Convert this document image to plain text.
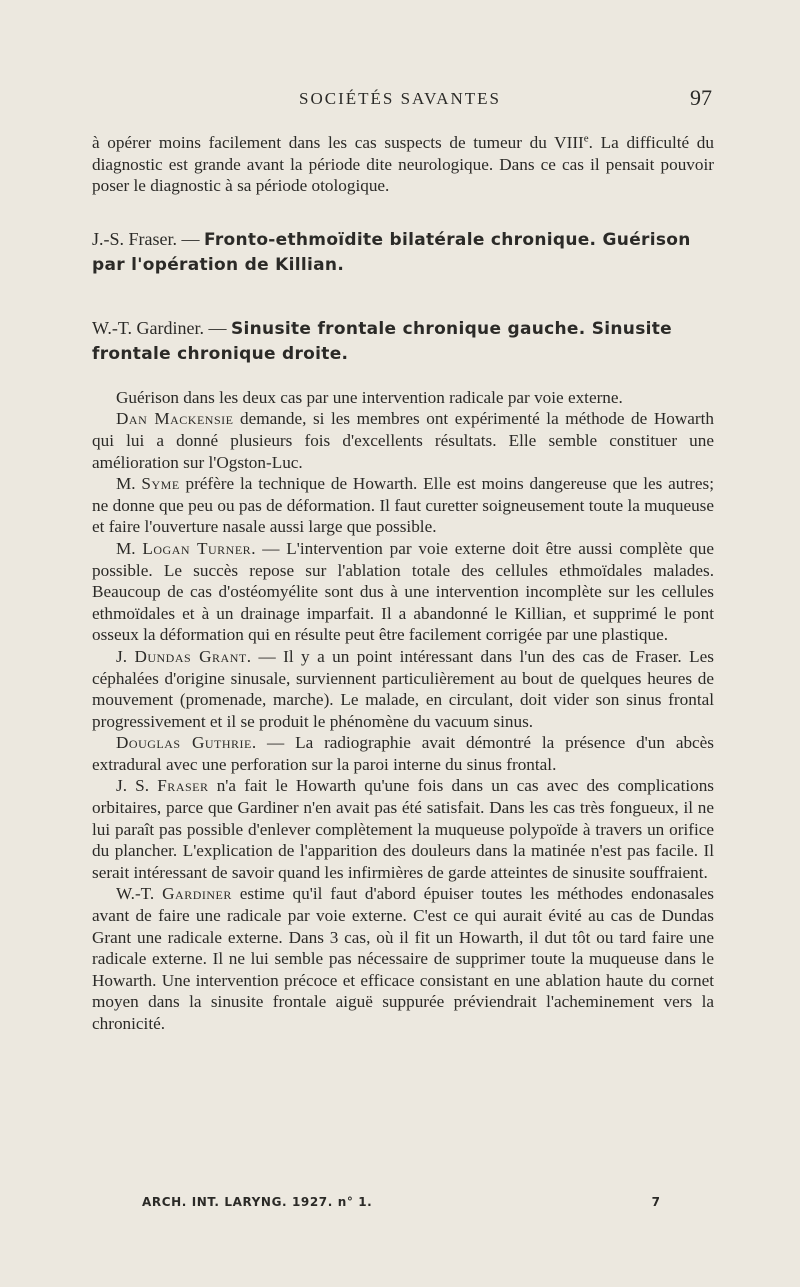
SOCIÉTÉS SAVANTES	97

à opérer moins facilement dans les cas suspects de tumeur du VIIIe. La difficulté du diagnostic est grande avant la période dite neurologique. Dans ce cas il pensait pouvoir poser le diagnostic à sa période otologique.

J.-S. Fraser. — Fronto-ethmoïdite bilatérale chronique. Guérison par l'opération de Killian.

W.-T. Gardiner. — Sinusite frontale chronique gauche. Sinusite frontale chronique droite.

Guérison dans les deux cas par une intervention radicale par voie externe.

Dan Mackensie demande, si les membres ont expérimenté la méthode de Howarth qui lui a donné plusieurs fois d'excellents résultats. Elle semble constituer une amélioration sur l'Ogston-Luc.

M. Syme préfère la technique de Howarth. Elle est moins dangereuse que les autres; ne donne que peu ou pas de déformation. Il faut curetter soigneusement toute la muqueuse et faire l'ouverture nasale aussi large que possible.

M. Logan Turner. — L'intervention par voie externe doit être aussi complète que possible. Le succès repose sur l'ablation totale des cellules ethmoïdales malades. Beaucoup de cas d'ostéomyélite sont dus à une intervention incomplète sur les cellules ethmoïdales et à un drainage imparfait. Il a abandonné le Killian, et supprimé le pont osseux la déformation qui en résulte peut être facilement corrigée par une plastique.

J. Dundas Grant. — Il y a un point intéressant dans l'un des cas de Fraser. Les céphalées d'origine sinusale, surviennent particulièrement au bout de quelques heures de mouvement (promenade, marche). Le malade, en circulant, doit vider son sinus frontal progressivement et il se produit le phénomène du vacuum sinus.

Douglas Guthrie. — La radiographie avait démontré la présence d'un abcès extradural avec une perforation sur la paroi interne du sinus frontal.

J. S. Fraser n'a fait le Howarth qu'une fois dans un cas avec des complications orbitaires, parce que Gardiner n'en avait pas été satisfait. Dans les cas très fongueux, il ne lui paraît pas possible d'enlever complètement la muqueuse polypoïde à travers un orifice du plancher. L'explication de l'apparition des douleurs dans la matinée n'est pas facile. Il serait intéressant de savoir quand les infirmières de garde atteintes de sinusite souffraient.

W.-T. Gardiner estime qu'il faut d'abord épuiser toutes les méthodes endonasales avant de faire une radicale par voie externe. C'est ce qui aurait évité au cas de Dundas Grant une radicale externe. Dans 3 cas, où il fit un Howarth, il dut tôt ou tard faire une radicale externe. Il ne lui semble pas nécessaire de supprimer toute la muqueuse dans le Howarth. Une intervention précoce et efficace consistant en une ablation haute du cornet moyen dans la sinusite frontale aiguë suppurée préviendrait l'acheminement vers la chronicité.

ARCH. INT. LARYNG. 1927. n° 1.	7
